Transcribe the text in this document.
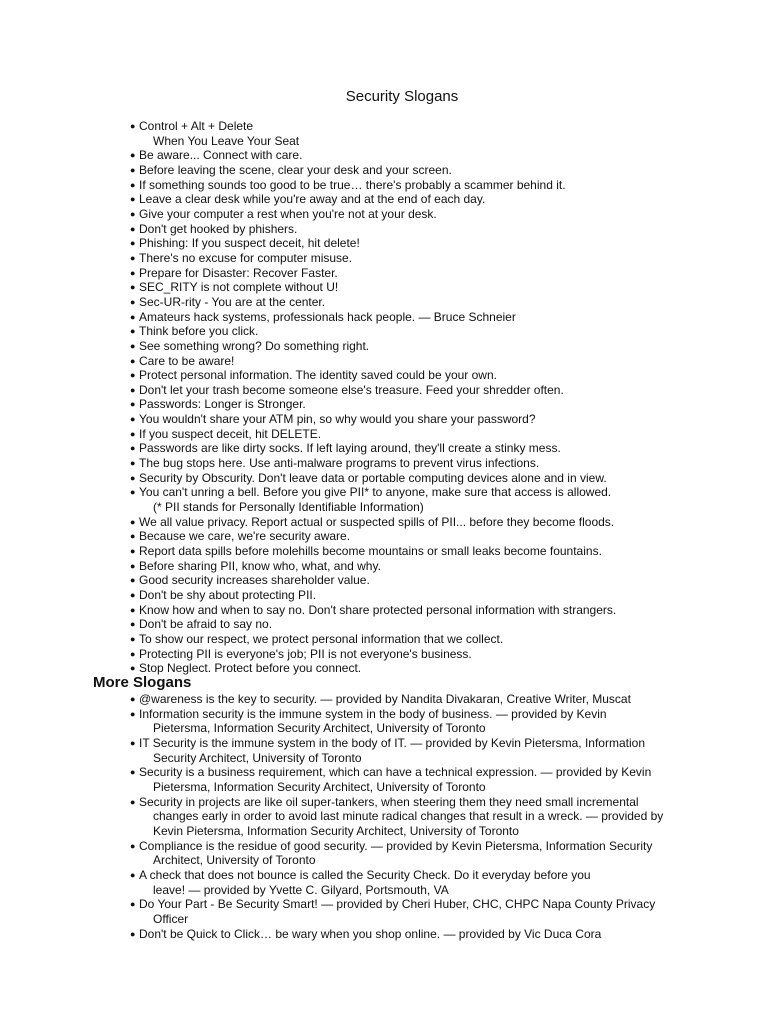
Security Slogans
● Control + Alt + Delete
When You Leave Your Seat
● Be aware... Connect with care.
● Before leaving the scene, clear your desk and your screen.
● If something sounds too good to be true… there's probably a scammer behind it.
● Leave a clear desk while you're away and at the end of each day.
● Give your computer a rest when you're not at your desk.
● Don't get hooked by phishers.
● Phishing: If you suspect deceit, hit delete!
● There's no excuse for computer misuse.
● Prepare for Disaster: Recover Faster.
● SEC_RITY is not complete without U!
● Sec-UR-rity - You are at the center.
● Amateurs hack systems, professionals hack people. — Bruce Schneier
● Think before you click.
● See something wrong? Do something right.
● Care to be aware!
● Protect personal information. The identity saved could be your own.
● Don't let your trash become someone else's treasure. Feed your shredder often.
● Passwords: Longer is Stronger.
● You wouldn't share your ATM pin, so why would you share your password?
● If you suspect deceit, hit DELETE.
● Passwords are like dirty socks. If left laying around, they'll create a stinky mess.
● The bug stops here. Use anti-malware programs to prevent virus infections.
● Security by Obscurity. Don't leave data or portable computing devices alone and in view.
● You can't unring a bell. Before you give PII* to anyone, make sure that access is allowed.
(* PII stands for Personally Identifiable Information)
● We all value privacy. Report actual or suspected spills of PII... before they become floods.
● Because we care, we're security aware.
● Report data spills before molehills become mountains or small leaks become fountains.
● Before sharing PII, know who, what, and why.
● Good security increases shareholder value.
● Don't be shy about protecting PII.
● Know how and when to say no. Don't share protected personal information with strangers.
● Don't be afraid to say no.
● To show our respect, we protect personal information that we collect.
● Protecting PII is everyone's job; PII is not everyone's business.
● Stop Neglect. Protect before you connect.
More Slogans
● @wareness is the key to security. — provided by Nandita Divakaran, Creative Writer, Muscat
● Information security is the immune system in the body of business. — provided by Kevin
Pietersma, Information Security Architect, University of Toronto
● IT Security is the immune system in the body of IT. — provided by Kevin Pietersma, Information
Security Architect, University of Toronto
● Security is a business requirement, which can have a technical expression. — provided by Kevin
Pietersma, Information Security Architect, University of Toronto
● Security in projects are like oil super-tankers, when steering them they need small incremental
changes early in order to avoid last minute radical changes that result in a wreck. — provided by
Kevin Pietersma, Information Security Architect, University of Toronto
● Compliance is the residue of good security. — provided by Kevin Pietersma, Information Security
Architect, University of Toronto
● A check that does not bounce is called the Security Check. Do it everyday before you
leave! — provided by Yvette C. Gilyard, Portsmouth, VA
● Do Your Part - Be Security Smart! — provided by Cheri Huber, CHC, CHPC Napa County Privacy
Officer
● Don't be Quick to Click… be wary when you shop online. — provided by Vic Duca Cora
